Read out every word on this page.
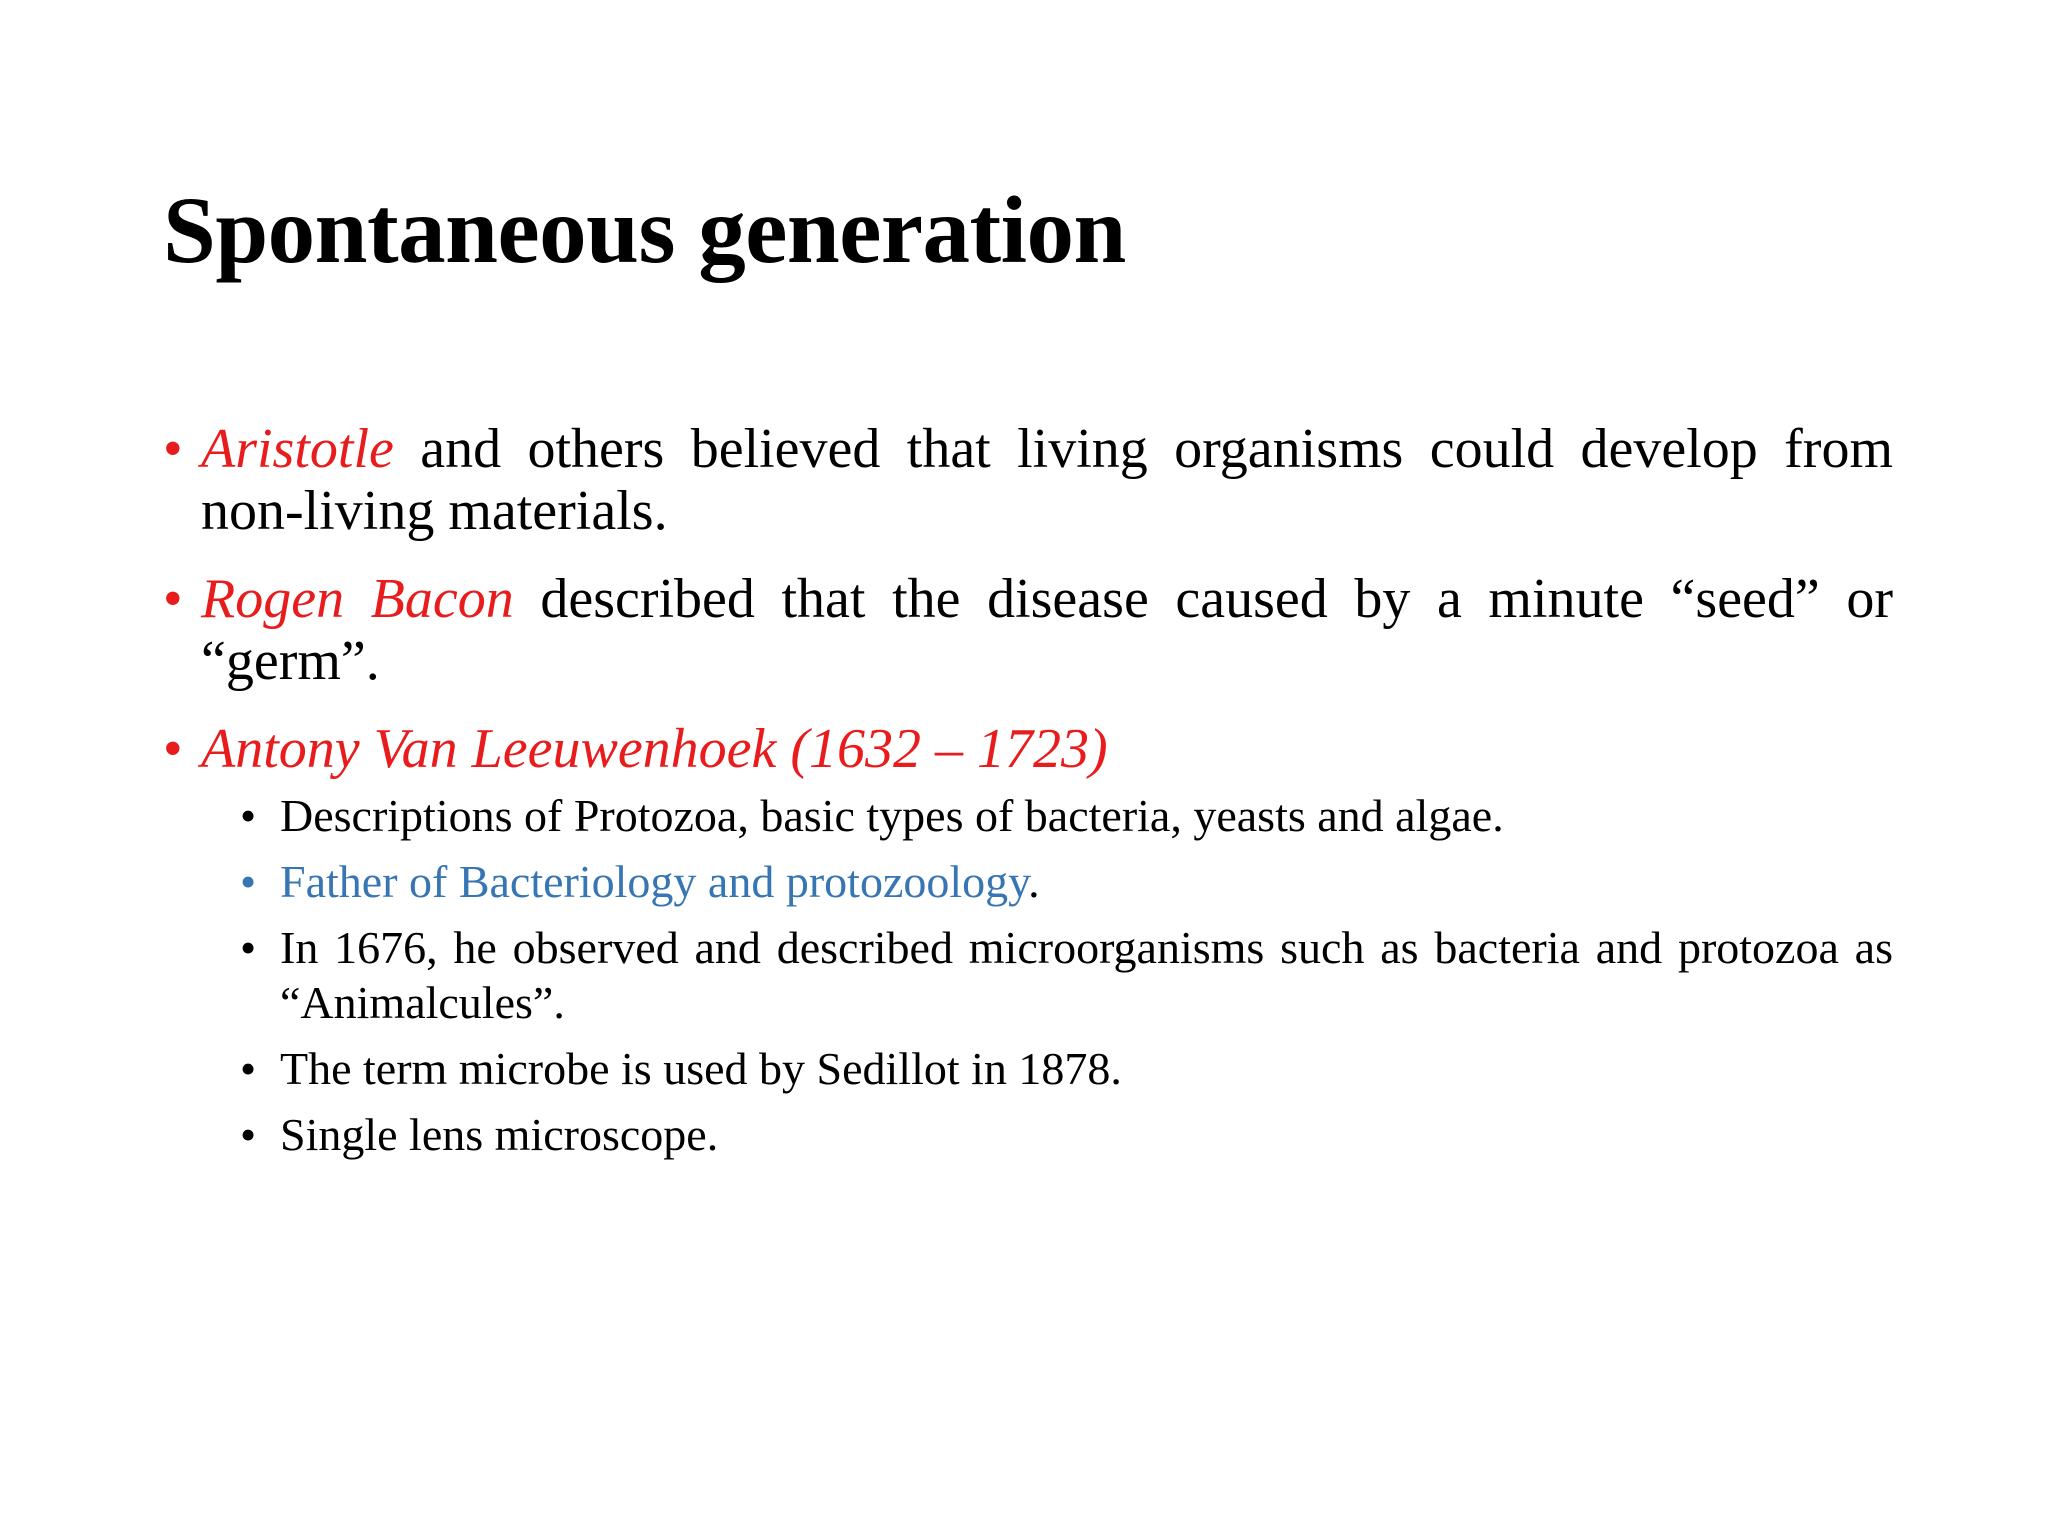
Spontaneous generation
• Aristotle and others believed that living organisms could develop from non-living materials.
• Rogen Bacon described that the disease caused by a minute “seed” or “germ”.
• Antony Van Leeuwenhoek (1632 – 1723)
• Descriptions of Protozoa, basic types of bacteria, yeasts and algae.
• Father of Bacteriology and protozoology.
• In 1676, he observed and described microorganisms such as bacteria and protozoa as “Animalcules”.
• The term microbe is used by Sedillot in 1878.
• Single lens microscope.
